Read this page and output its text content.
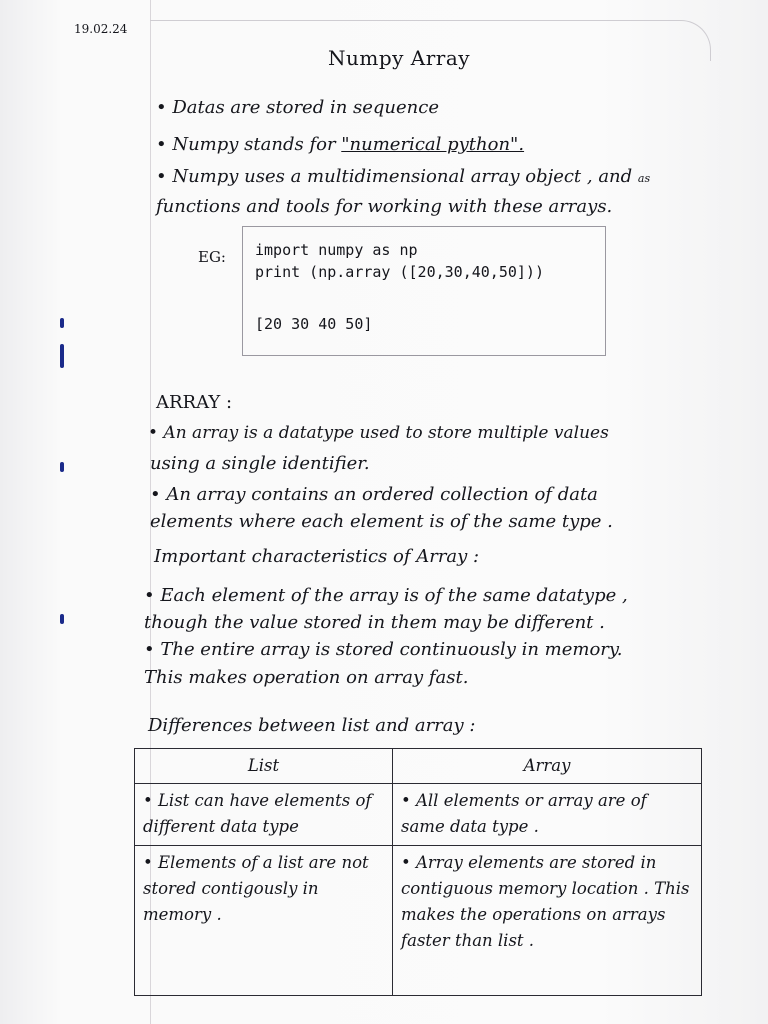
19.02.24
Numpy Array
• Datas are stored in sequence
• Numpy stands for "numerical python".
• Numpy uses a multidimensional array object , and as
functions and tools for working with these arrays.
EG: import numpy as np
print (np.array ([20,30,40,50]))
[20 30 40 50]
ARRAY :
• An array is a datatype used to store multiple values
using a single identifier.
• An array contains an ordered collection of data
elements where each element is of the same type .
Important characteristics of Array :
• Each element of the array is of the same datatype ,
though the value stored in them may be different .
• The entire array is stored continuously in memory.
This makes operation on array fast.
Differences between list and array :
List	Array
• List can have elements of different data type	• All elements or array are of same data type .
• Elements of a list are not stored contigously in memory .	• Array elements are stored in contiguous memory location . This makes the operations on arrays faster than list .
